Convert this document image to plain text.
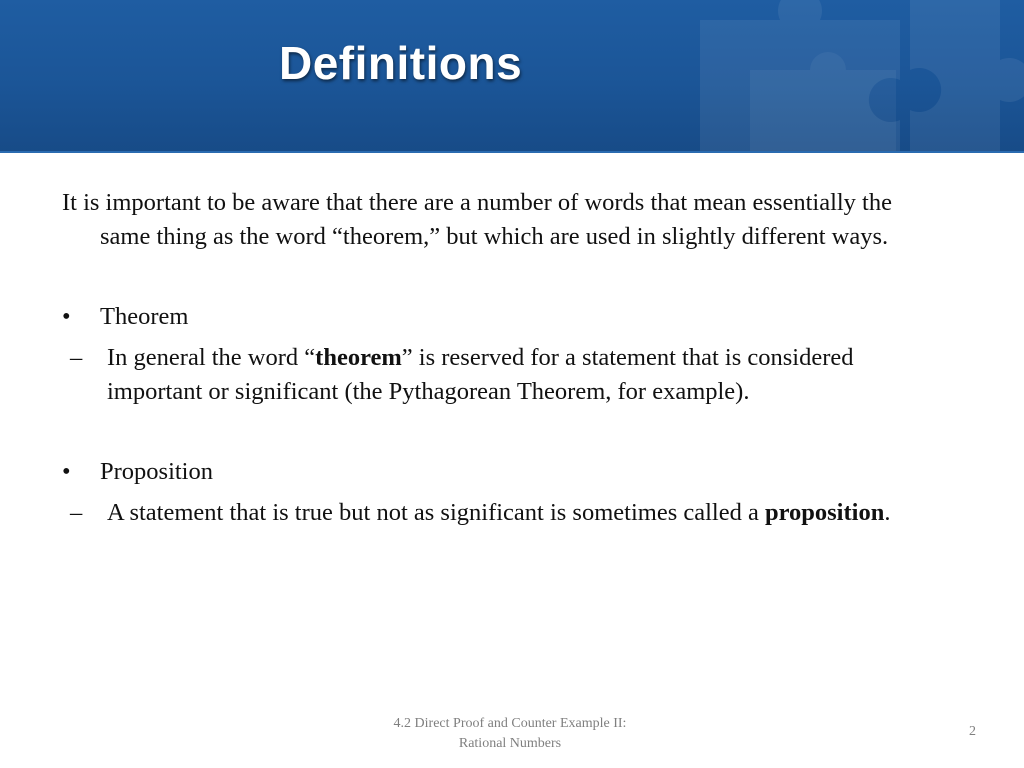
Definitions

It is important to be aware that there are a number of words that mean essentially the same thing as the word “theorem,” but which are used in slightly different ways.

• Theorem
– In general the word “theorem” is reserved for a statement that is considered important or significant (the Pythagorean Theorem, for example).
• Proposition
– A statement that is true but not as significant is sometimes called a proposition.
4.2 Direct Proof and Counter Example II:
Rational Numbers
2
